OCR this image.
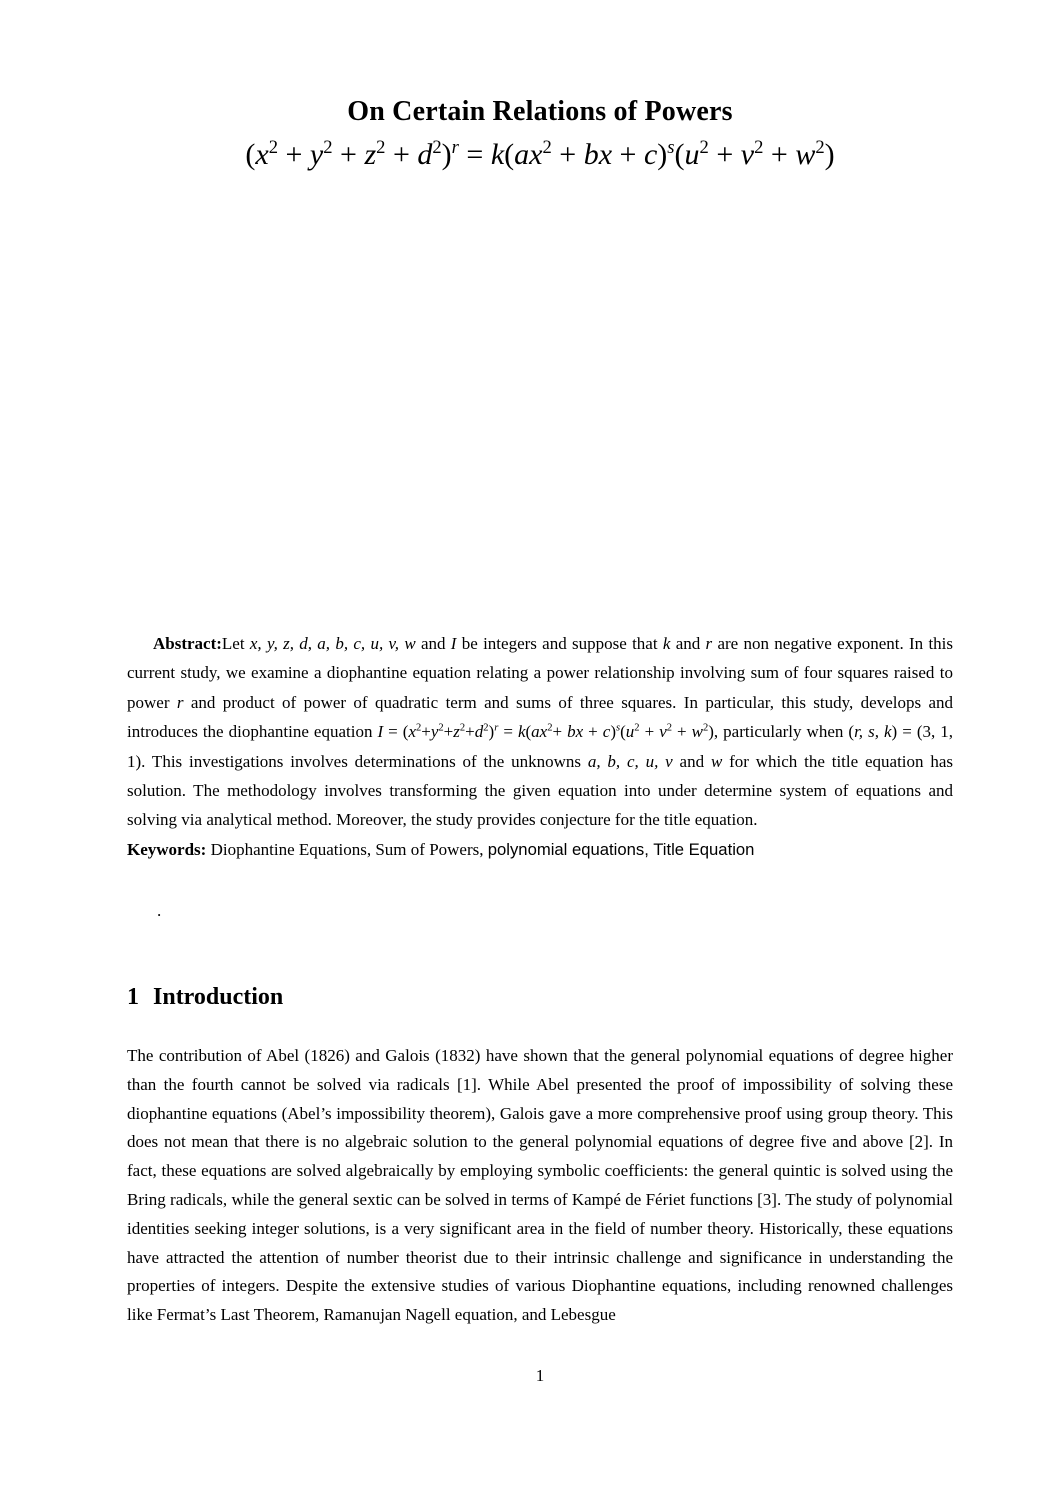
On Certain Relations of Powers
$(x^2 + y^2 + z^2 + d^2)^r = k(ax^2$ + bx + $c)^s(u^2 + v^2 + w^2)$

Abstract:Let x, y, z, d, a, b, c, u, v, w and I be integers and suppose that k and r are non negative exponent. In this current study, we examine a diophantine equation relating a power relationship involving sum of four squares raised to power r and product of power of quadratic term and sums of three squares. In particular, this study, develops and introduces the diophantine equation $I = (x^2+y^2+z^2+d^2)^r = k(ax^2+$ bx + $c)^s(u^2 + v^2 + w^2)$, particularly when (r, s, k) = (3, 1, 1). This investigations involves determinations of the unknowns a, b, c, u, v and w for which the title equation has solution. The methodology involves transforming the given equation into under determine system of equations and solving via analytical method. Moreover, the study provides conjecture for the title equation.

Keywords: Diophantine Equations, Sum of Powers, polynomial equations, Title Equation

.
1 Introduction
The contribution of Abel (1826) and Galois (1832) have shown that the general polynomial equations of degree higher than the fourth cannot be solved via radicals [1]. While Abel presented the proof of impossibility of solving these diophantine equations (Abel’s impossibility theorem), Galois gave a more comprehensive proof using group theory. This does not mean that there is no algebraic solution to the general polynomial equations of degree five and above [2]. In fact, these equations are solved algebraically by employing symbolic coefficients: the general quintic is solved using the Bring radicals, while the general sextic can be solved in terms of Kampé de Fériet functions [3]. The study of polynomial identities seeking integer solutions, is a very significant area in the field of number theory. Historically, these equations have attracted the attention of number theorist due to their intrinsic challenge and significance in understanding the properties of integers. Despite the extensive studies of various Diophantine equations, including renowned challenges like Fermat’s Last Theorem, Ramanujan Nagell equation, and Lebesgue
1
